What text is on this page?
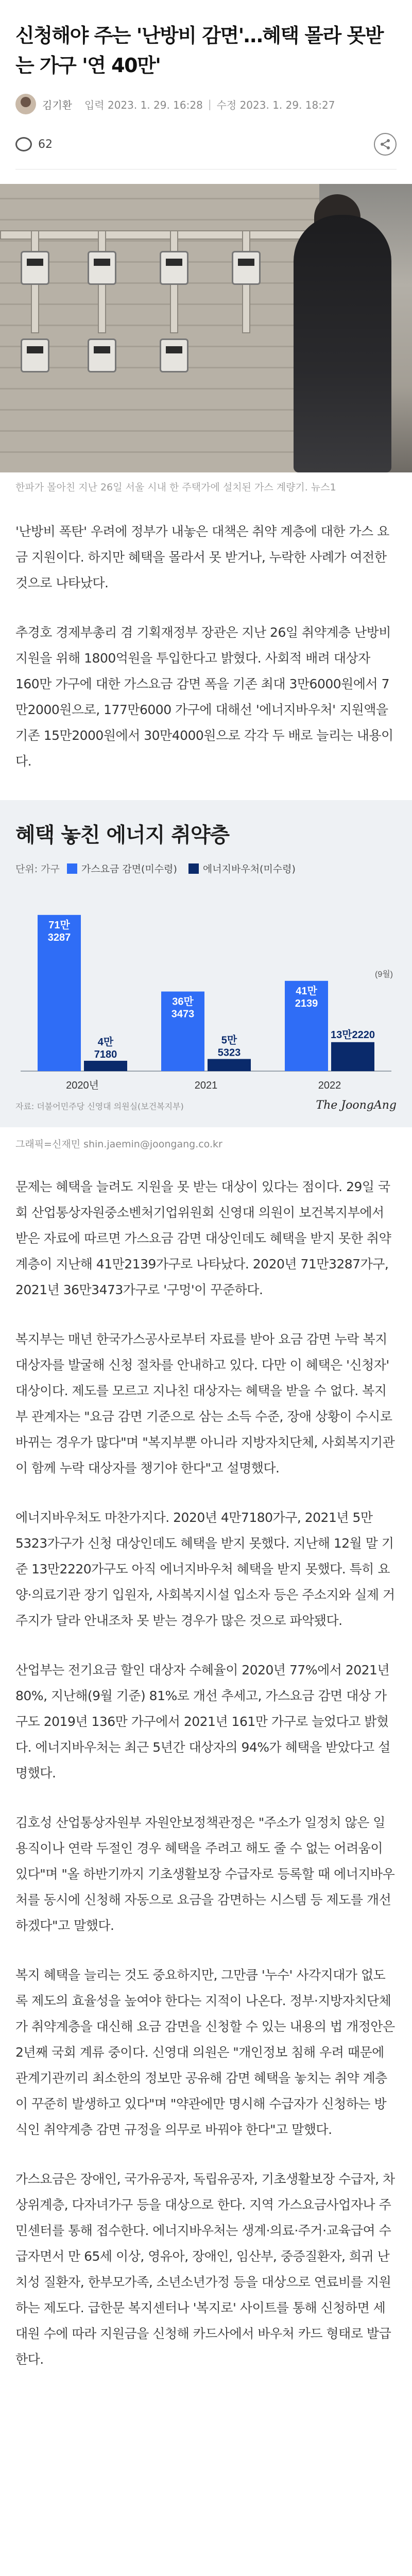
신청해야 주는 '난방비 감면'…혜택 몰라 못받는 가구 '연 40만'
김기환 입력 2023. 1. 29. 16:28 | 수정 2023. 1. 29. 18:27
62

한파가 몰아친 지난 26일 서울 시내 한 주택가에 설치된 가스 계량기. 뉴스1

'난방비 폭탄' 우려에 정부가 내놓은 대책은 취약 계층에 대한 가스 요금 지원이다. 하지만 혜택을 몰라서 못 받거나, 누락한 사례가 여전한 것으로 나타났다.

추경호 경제부총리 겸 기획재정부 장관은 지난 26일 취약계층 난방비 지원을 위해 1800억원을 투입한다고 밝혔다. 사회적 배려 대상자 160만 가구에 대한 가스요금 감면 폭을 기존 최대 3만6000원에서 7만2000원으로, 177만6000 가구에 대해선 '에너지바우처' 지원액을 기존 15만2000원에서 30만4000원으로 각각 두 배로 늘리는 내용이다.

혜택 놓친 에너지 취약층
단위: 가구 가스요금 감면(미수령)	에너지바우처(미수령)
71만
3287
4만
7180
2020년
36만
3473
5만
5323
2021
41만
2139
13만2220
2022
(9월)
자료: 더불어민주당 신영대 의원실(보건복지부)	The JoongAng

그래픽=신재민 shin.jaemin@joongang.co.kr

문제는 혜택을 늘려도 지원을 못 받는 대상이 있다는 점이다. 29일 국회 산업통상자원중소벤처기업위원회 신영대 의원이 보건복지부에서 받은 자료에 따르면 가스요금 감면 대상인데도 혜택을 받지 못한 취약계층이 지난해 41만2139가구로 나타났다. 2020년 71만3287가구, 2021년 36만3473가구로 '구멍'이 꾸준하다.

복지부는 매년 한국가스공사로부터 자료를 받아 요금 감면 누락 복지대상자를 발굴해 신청 절차를 안내하고 있다. 다만 이 혜택은 '신청자' 대상이다. 제도를 모르고 지나친 대상자는 혜택을 받을 수 없다. 복지부 관계자는 "요금 감면 기준으로 삼는 소득 수준, 장애 상황이 수시로 바뀌는 경우가 많다"며 "복지부뿐 아니라 지방자치단체, 사회복지기관이 함께 누락 대상자를 챙기야 한다"고 설명했다.

에너지바우처도 마찬가지다. 2020년 4만7180가구, 2021년 5만5323가구가 신청 대상인데도 혜택을 받지 못했다. 지난해 12월 말 기준 13만2220가구도 아직 에너지바우처 혜택을 받지 못했다. 특히 요양·의료기관 장기 입원자, 사회복지시설 입소자 등은 주소지와 실제 거주지가 달라 안내조차 못 받는 경우가 많은 것으로 파악됐다.

산업부는 전기요금 할인 대상자 수혜율이 2020년 77%에서 2021년 80%, 지난해(9월 기준) 81%로 개선 추세고, 가스요금 감면 대상 가구도 2019년 136만 가구에서 2021년 161만 가구로 늘었다고 밝혔다. 에너지바우처는 최근 5년간 대상자의 94%가 혜택을 받았다고 설명했다.

김호성 산업통상자원부 자원안보정책관정은 "주소가 일정치 않은 일용직이나 연락 두절인 경우 혜택을 주려고 해도 줄 수 없는 어려움이 있다"며 "올 하반기까지 기초생활보장 수급자로 등록할 때 에너지바우처를 동시에 신청해 자동으로 요금을 감면하는 시스템 등 제도를 개선하겠다"고 말했다.

복지 혜택을 늘리는 것도 중요하지만, 그만큼 '누수' 사각지대가 없도록 제도의 효율성을 높여야 한다는 지적이 나온다. 정부·지방자치단체가 취약계층을 대신해 요금 감면을 신청할 수 있는 내용의 법 개정안은 2년째 국회 계류 중이다. 신영대 의원은 "개인정보 침해 우려 때문에 관계기관끼리 최소한의 정보만 공유해 감면 혜택을 놓치는 취약 계층이 꾸준히 발생하고 있다"며 "약관에만 명시해 수급자가 신청하는 방식인 취약계층 감면 규정을 의무로 바꿔야 한다"고 말했다.

가스요금은 장애인, 국가유공자, 독립유공자, 기초생활보장 수급자, 차상위계층, 다자녀가구 등을 대상으로 한다. 지역 가스요금사업자나 주민센터를 통해 접수한다. 에너지바우처는 생계·의료·주거·교육급여 수급자면서 만 65세 이상, 영유아, 장애인, 임산부, 중증질환자, 희귀 난치성 질환자, 한부모가족, 소년소년가정 등을 대상으로 연료비를 지원하는 제도다. 급한문 복지센터나 '복지로' 사이트를 통해 신청하면 세대원 수에 따라 지원금을 신청해 카드사에서 바우처 카드 형태로 발급한다.
